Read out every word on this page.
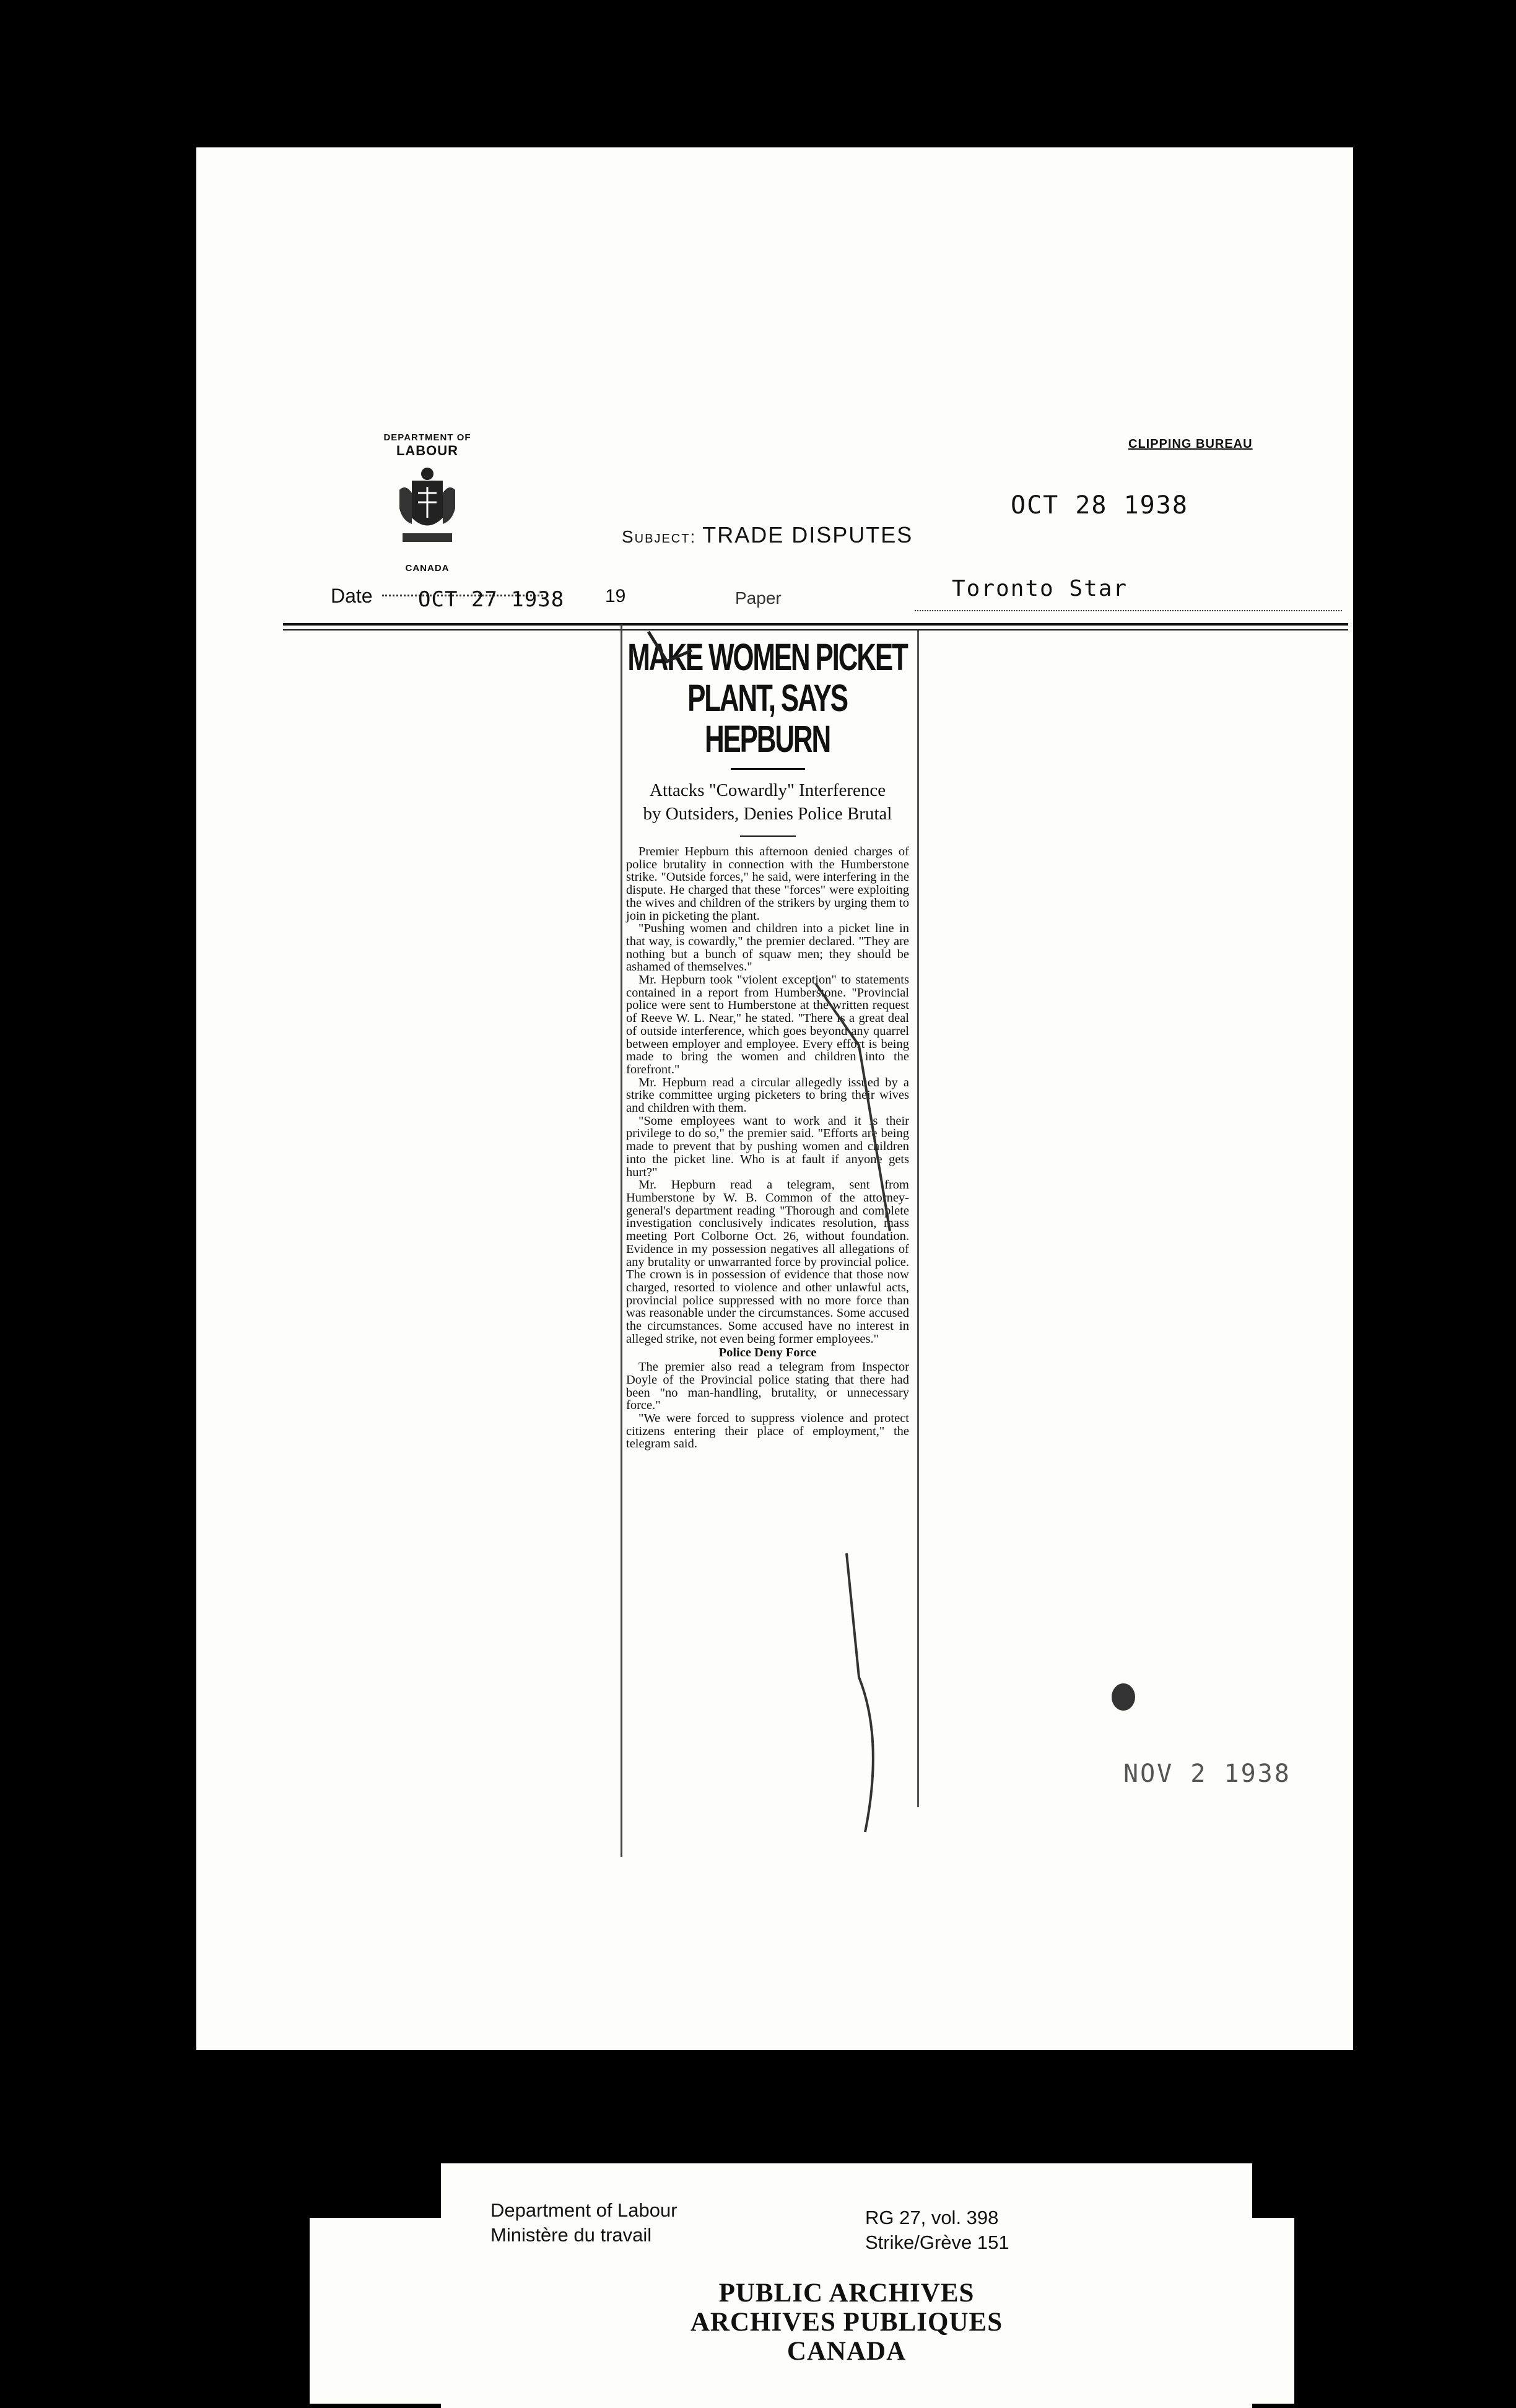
DEPARTMENT OF
LABOUR
CANADA
CLIPPING BUREAU
OCT 28 1938
Subject: TRADE DISPUTES
Date OCT 27 1938 19	Paper	Toronto Star
MAKE WOMEN PICKET
PLANT, SAYS HEPBURN
Attacks "Cowardly" Interference by Outsiders, Denies Police Brutal

Premier Hepburn this afternoon denied charges of police brutality in connection with the Humberstone strike. "Outside forces," he said, were interfering in the dispute. He charged that these "forces" were exploiting the wives and children of the strikers by urging them to join in picketing the plant.

"Pushing women and children into a picket line in that way, is cowardly," the premier declared. "They are nothing but a bunch of squaw men; they should be ashamed of themselves."

Mr. Hepburn took "violent exception" to statements contained in a report from Humberstone. "Provincial police were sent to Humberstone at the written request of Reeve W. L. Near," he stated. "There is a great deal of outside interference, which goes beyond any quarrel between employer and employee. Every effort is being made to bring the women and children into the forefront."

Mr. Hepburn read a circular allegedly issued by a strike committee urging picketers to bring their wives and children with them.

"Some employees want to work and it is their privilege to do so," the premier said. "Efforts are being made to prevent that by pushing women and children into the picket line. Who is at fault if anyone gets hurt?"

Mr. Hepburn read a telegram, sent from Humberstone by W. B. Common of the attorney-general's department reading "Thorough and complete investigation conclusively indicates resolution, mass meeting Port Colborne Oct. 26, without foundation. Evidence in my possession negatives all allegations of any brutality or unwarranted force by provincial police. The crown is in possession of evidence that those now charged, resorted to violence and other unlawful acts, provincial police suppressed with no more force than was reasonable under the circumstances. Some accused the circumstances. Some accused have no interest in alleged strike, not even being former employees."

Police Deny Force

The premier also read a telegram from Inspector Doyle of the Provincial police stating that there had been "no man-handling, brutality, or unnecessary force."

"We were forced to suppress violence and protect citizens entering their place of employment," the telegram said.

NOV 2 1938
Department of Labour
Ministère du travail
RG 27, vol. 398
Strike/Grève 151
PUBLIC ARCHIVES
ARCHIVES PUBLIQUES
CANADA
